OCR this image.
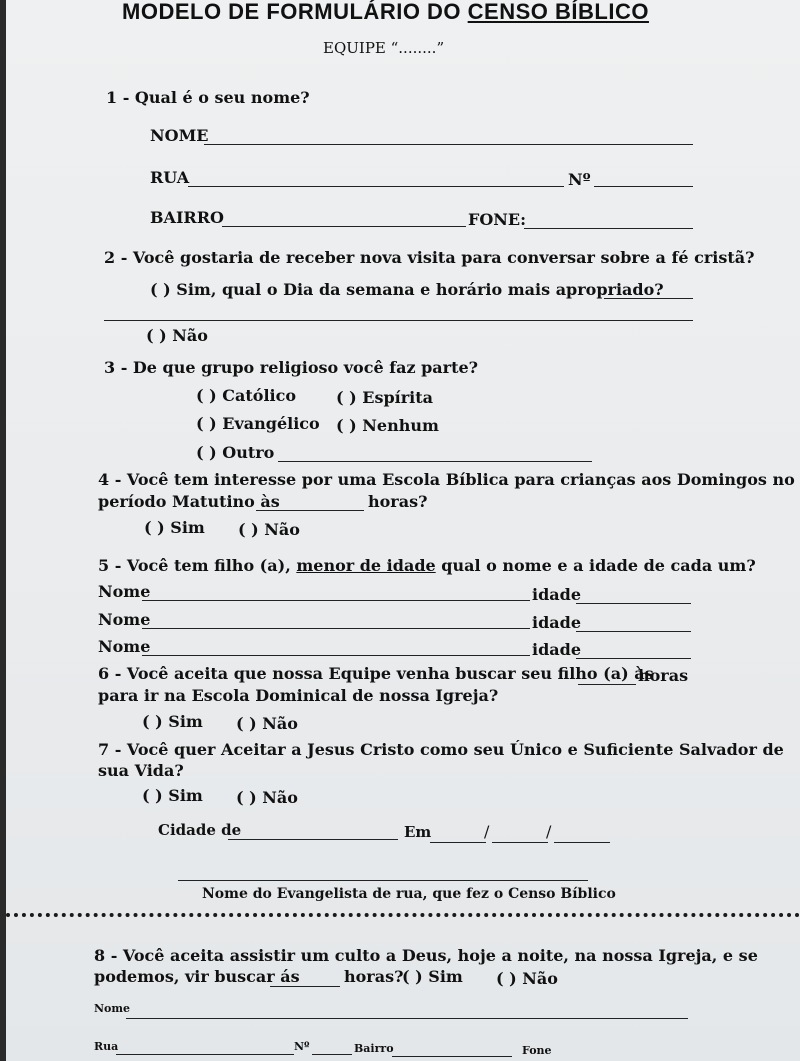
MODELO DE FORMULÁRIO DO CENSO BÍBLICO
EQUIPE “........”
1 - Qual é o seu nome?
NOME
RUA	Nº
BAIRRO	FONE:
2 - Você gostaria de receber nova visita para conversar sobre a fé cristã?
( ) Sim, qual o Dia da semana e horário mais apropriado?
( ) Não
3 - De que grupo religioso você faz parte?
( ) Católico ( ) Espírita
( ) Evangélico ( ) Nenhum
( ) Outro
4 - Você tem interesse por uma Escola Bíblica para crianças aos Domingos no
período Matutino às	horas?
( ) Sim ( ) Não
5 - Você tem filho (a), menor de idade qual o nome e a idade de cada um?
Nome	idade
Nome	idade
Nome	idade
6 - Você aceita que nossa Equipe venha buscar seu filho (a) às
horas
para ir na Escola Dominical de nossa Igreja?
( ) Sim ( ) Não
7 - Você quer Aceitar a Jesus Cristo como seu Único e Suficiente Salvador de
sua Vida?
( ) Sim ( ) Não
Cidade de	Em	/	/
Nome do Evangelista de rua, que fez o Censo Bíblico
8 - Você aceita assistir um culto a Deus, hoje a noite, na nossa Igreja, e se
podemos, vir buscar ás	horas?
( ) Sim ( ) Não
Nome
Rua	Nº	Bairro	Fone
